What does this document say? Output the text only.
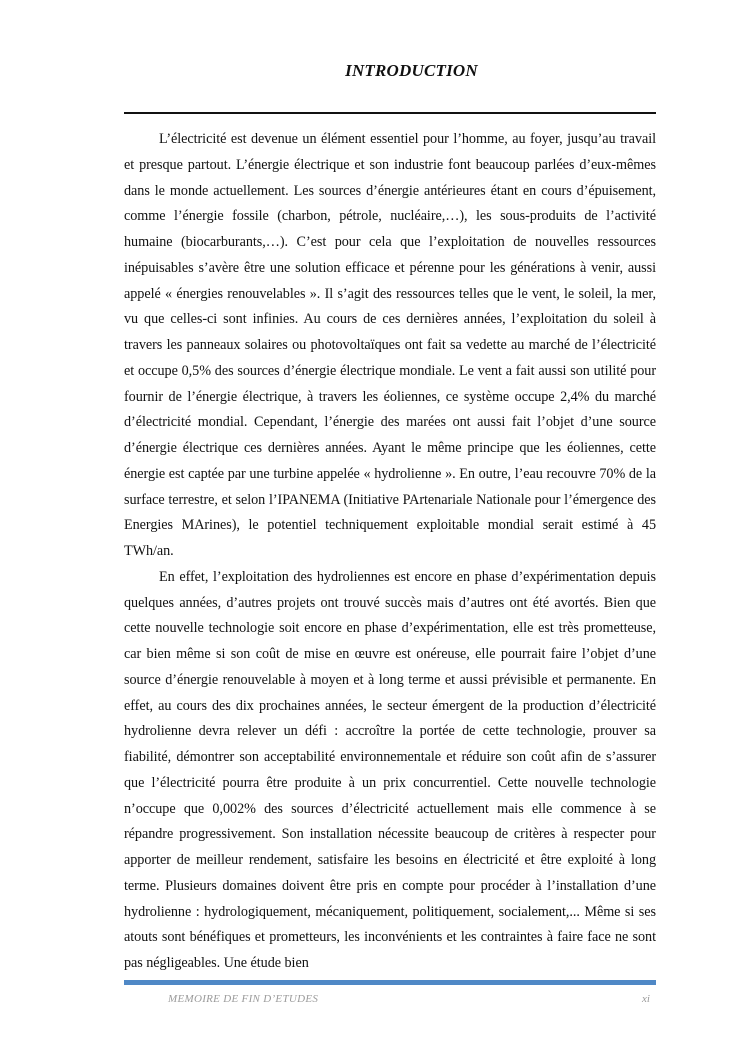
INTRODUCTION

L’électricité est devenue un élément essentiel pour l’homme, au foyer, jusqu’au travail et presque partout. L’énergie électrique et son industrie font beaucoup parlées d’eux-mêmes dans le monde actuellement. Les sources d’énergie antérieures étant en cours d’épuisement, comme l’énergie fossile (charbon, pétrole, nucléaire,…), les sous-produits de l’activité humaine (biocarburants,…). C’est pour cela que l’exploitation de nouvelles ressources inépuisables s’avère être une solution efficace et pérenne pour les générations à venir, aussi appelé « énergies renouvelables ». Il s’agit des ressources telles que le vent, le soleil, la mer, vu que celles-ci sont infinies. Au cours de ces dernières années, l’exploitation du soleil à travers les panneaux solaires ou photovoltaïques ont fait sa vedette au marché de l’électricité et occupe 0,5% des sources d’énergie électrique mondiale. Le vent a fait aussi son utilité pour fournir de l’énergie électrique, à travers les éoliennes, ce système occupe 2,4% du marché d’électricité mondial. Cependant, l’énergie des marées ont aussi fait l’objet d’une source d’énergie électrique ces dernières années. Ayant le même principe que les éoliennes, cette énergie est captée par une turbine appelée « hydrolienne ». En outre, l’eau recouvre 70% de la surface terrestre, et selon l’IPANEMA (Initiative PArtenariale Nationale pour l’émergence des Energies MArines), le potentiel techniquement exploitable mondial serait estimé à 45 TWh/an.

En effet, l’exploitation des hydroliennes est encore en phase d’expérimentation depuis quelques années, d’autres projets ont trouvé succès mais d’autres ont été avortés. Bien que cette nouvelle technologie soit encore en phase d’expérimentation, elle est très prometteuse, car bien même si son coût de mise en œuvre est onéreuse, elle pourrait faire l’objet d’une source d’énergie renouvelable à moyen et à long terme et aussi prévisible et permanente. En effet, au cours des dix prochaines années, le secteur émergent de la production d’électricité hydrolienne devra relever un défi : accroître la portée de cette technologie, prouver sa fiabilité, démontrer son acceptabilité environnementale et réduire son coût afin de s’assurer que l’électricité pourra être produite à un prix concurrentiel. Cette nouvelle technologie n’occupe que 0,002% des sources d’électricité actuellement mais elle commence à se répandre progressivement. Son installation nécessite beaucoup de critères à respecter pour apporter de meilleur rendement, satisfaire les besoins en électricité et être exploité à long terme. Plusieurs domaines doivent être pris en compte pour procéder à l’installation d’une hydrolienne : hydrologiquement, mécaniquement, politiquement, socialement,... Même si ses atouts sont bénéfiques et prometteurs, les inconvénients et les contraintes à faire face ne sont pas négligeables. Une étude bien

MEMOIRE DE FIN D’ETUDES	xi
